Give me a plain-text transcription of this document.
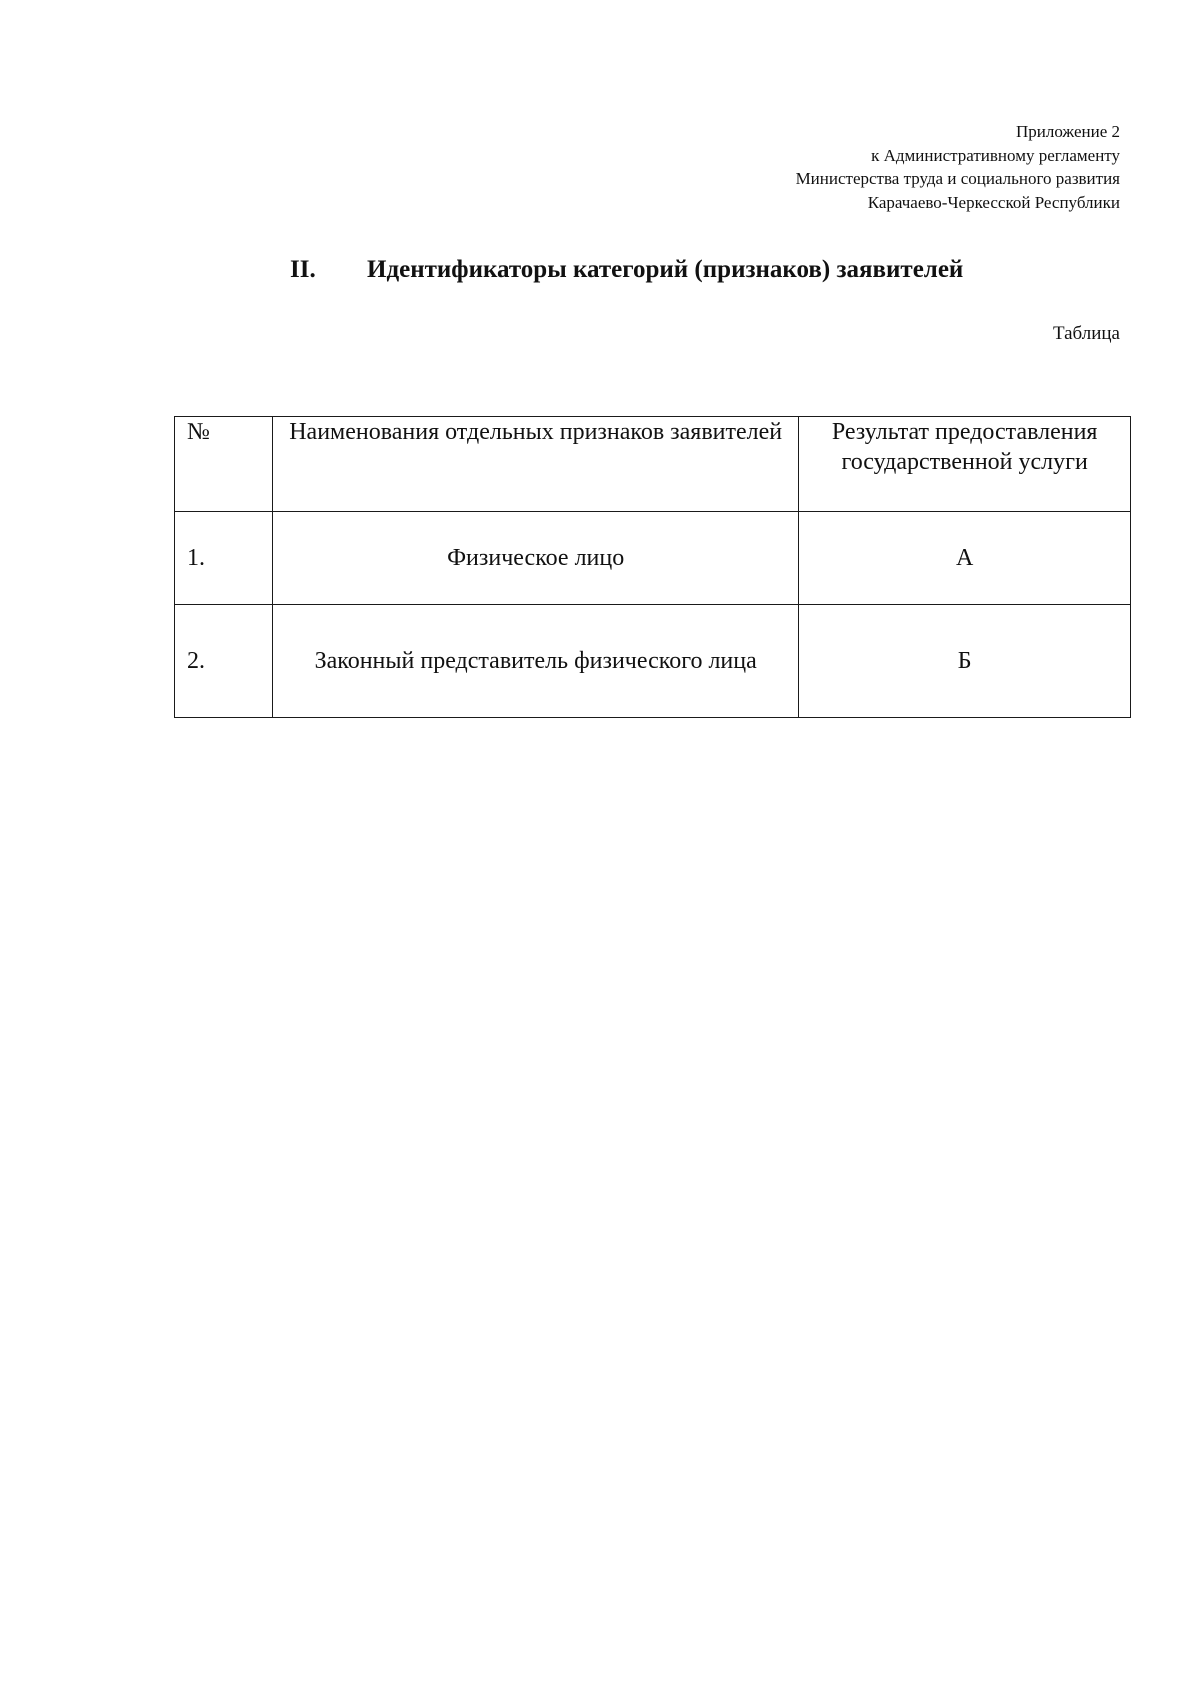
Приложение 2
к Административному регламенту
Министерства труда и социального развития
Карачаево-Черкесской Республики
II. Идентификаторы категорий (признаков) заявителей
Таблица
№	Наименования отдельных признаков заявителей	Результат предоставления государственной услуги

1.	Физическое лицо	А
2.	Законный представитель физического лица	Б
